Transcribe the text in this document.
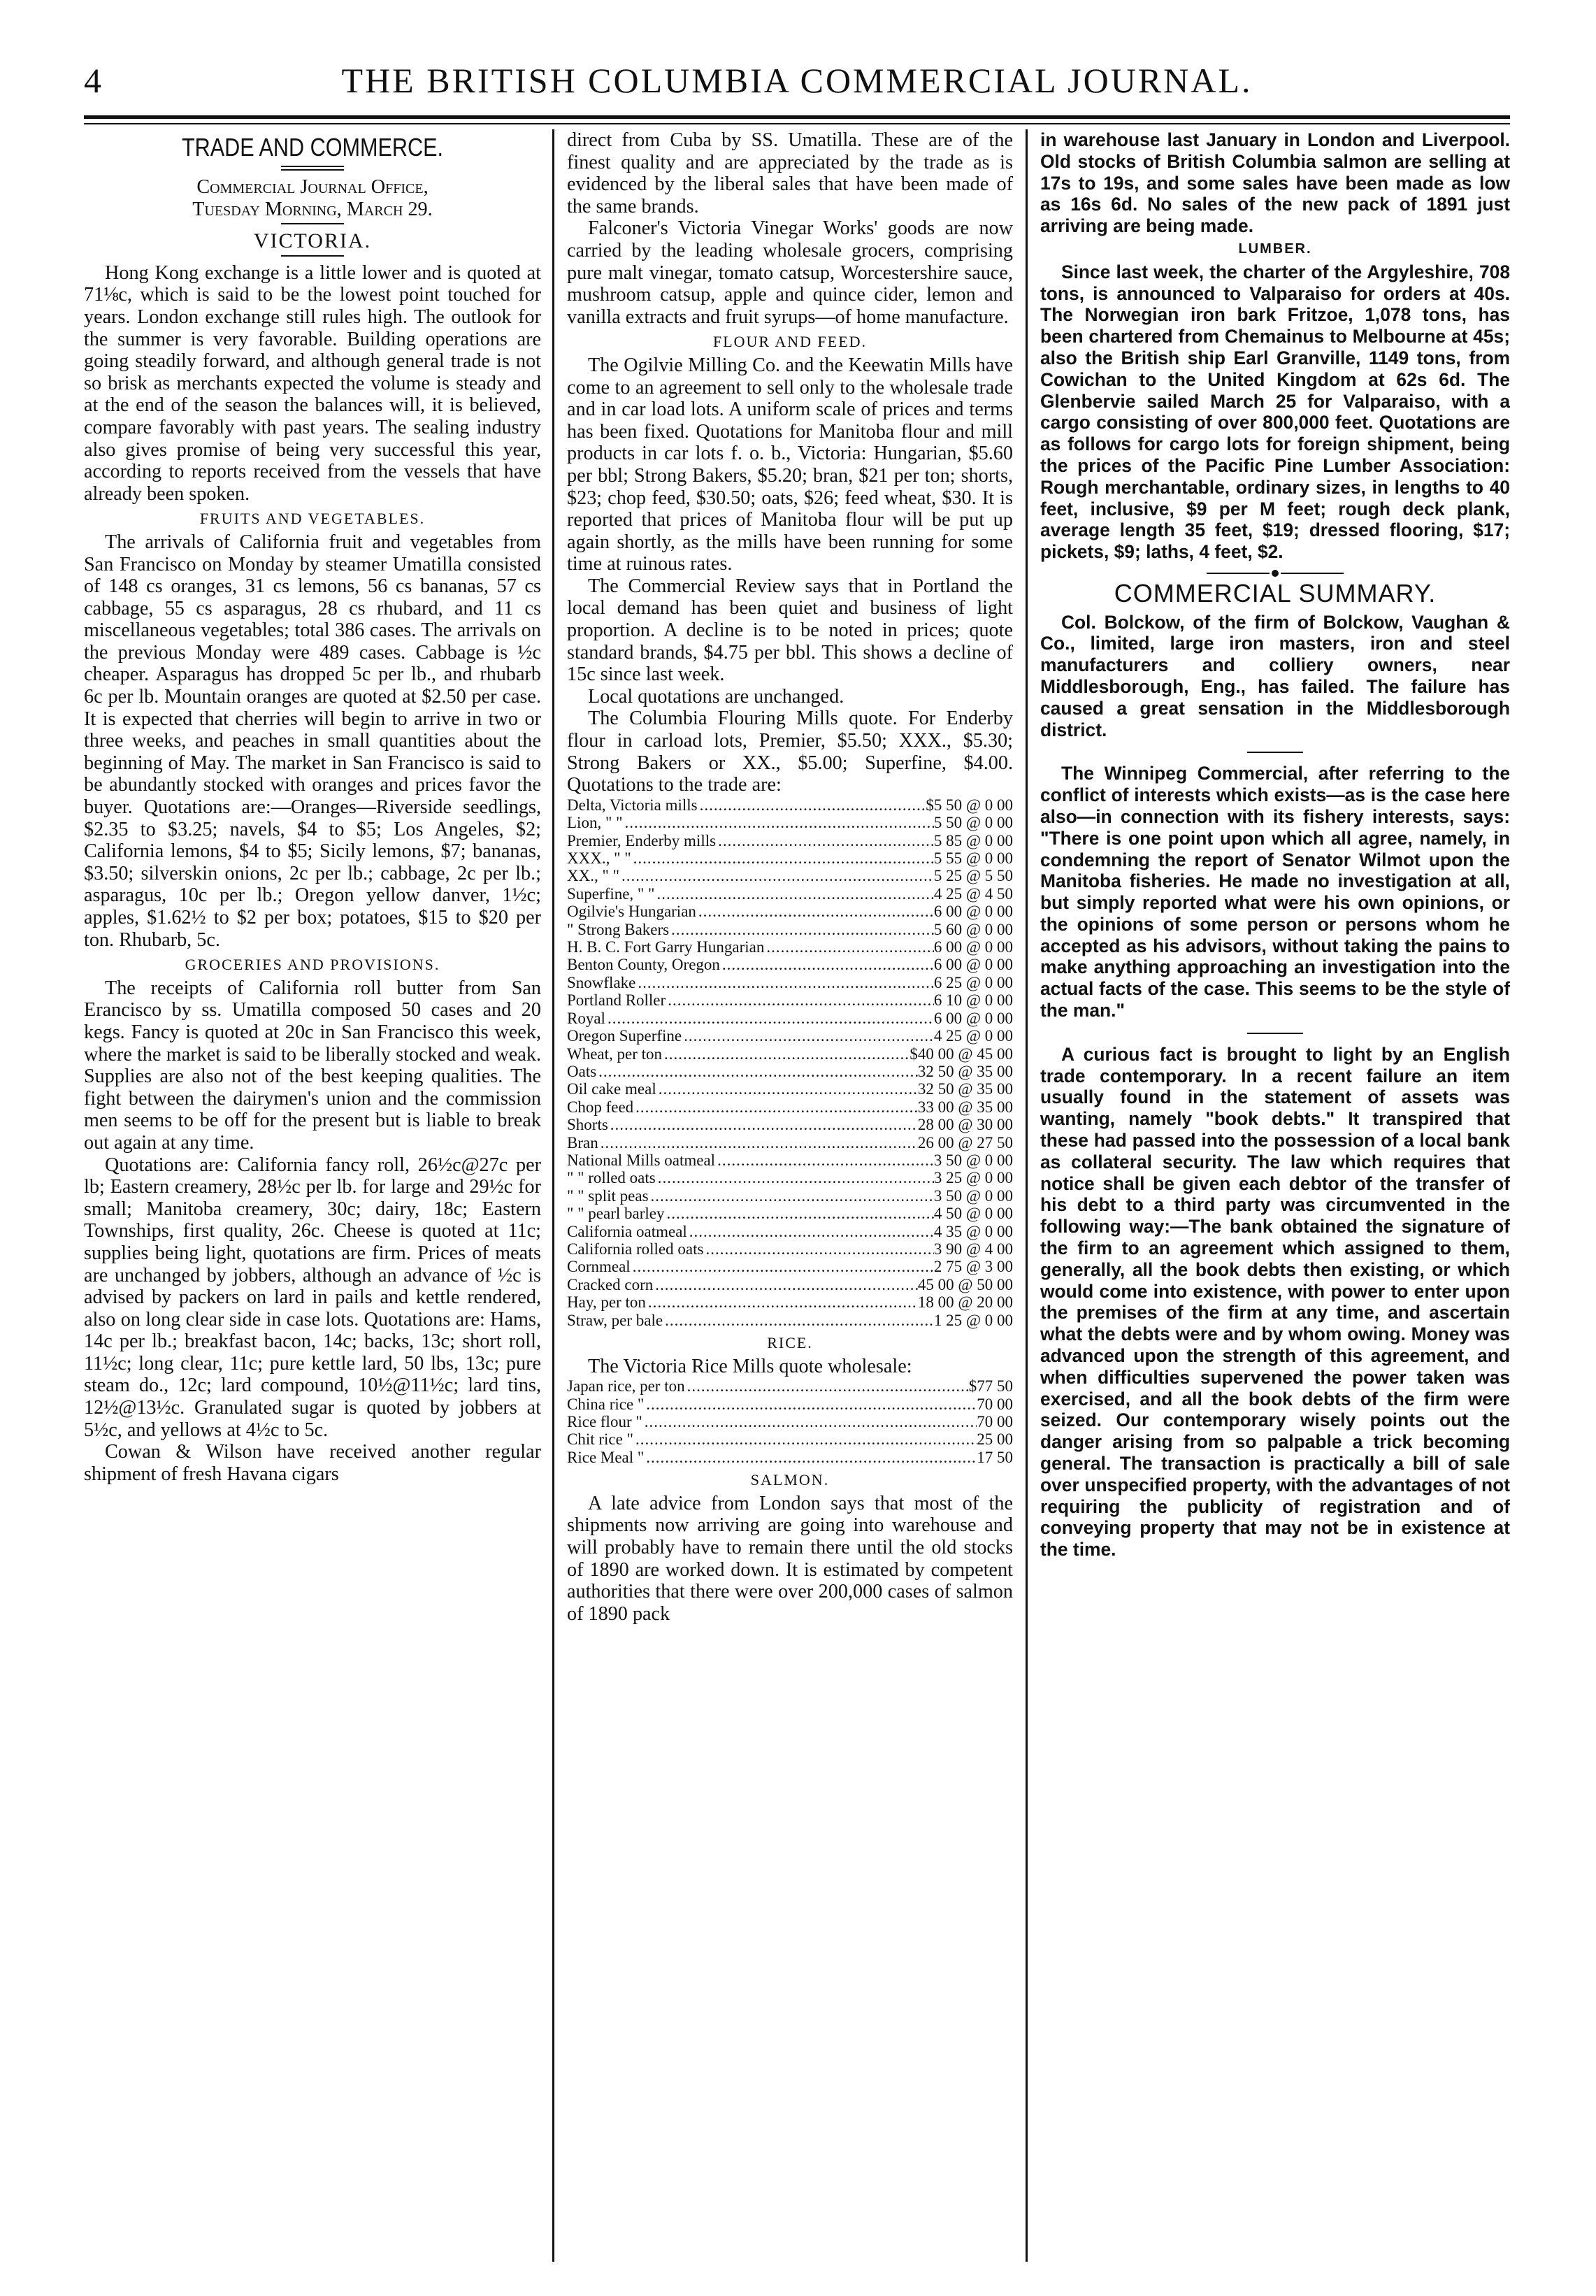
4	THE BRITISH COLUMBIA COMMERCIAL JOURNAL.
TRADE AND COMMERCE.

Commercial Journal Office,

Tuesday Morning, March 29.

VICTORIA.

Hong Kong exchange is a little lower and is quoted at 71⅛c, which is said to be the lowest point touched for years. London exchange still rules high. The outlook for the summer is very favorable. Building operations are going steadily forward, and although general trade is not so brisk as merchants expected the volume is steady and at the end of the season the balances will, it is believed, compare favorably with past years. The sealing industry also gives promise of being very successful this year, according to reports received from the vessels that have already been spoken.

FRUITS AND VEGETABLES.

The arrivals of California fruit and vegetables from San Francisco on Monday by steamer Umatilla consisted of 148 cs oranges, 31 cs lemons, 56 cs bananas, 57 cs cabbage, 55 cs asparagus, 28 cs rhubard, and 11 cs miscellaneous vegetables; total 386 cases. The arrivals on the previous Monday were 489 cases. Cabbage is ½c cheaper. Asparagus has dropped 5c per lb., and rhubarb 6c per lb. Mountain oranges are quoted at $2.50 per case. It is expected that cherries will begin to arrive in two or three weeks, and peaches in small quantities about the beginning of May. The market in San Francisco is said to be abundantly stocked with oranges and prices favor the buyer. Quotations are:—Oranges—Riverside seedlings, $2.35 to $3.25; navels, $4 to $5; Los Angeles, $2; California lemons, $4 to $5; Sicily lemons, $7; bananas, $3.50; silverskin onions, 2c per lb.; cabbage, 2c per lb.; asparagus, 10c per lb.; Oregon yellow danver, 1½c; apples, $1.62½ to $2 per box; potatoes, $15 to $20 per ton. Rhubarb, 5c.

GROCERIES AND PROVISIONS.

The receipts of California roll butter from San Erancisco by ss. Umatilla composed 50 cases and 20 kegs. Fancy is quoted at 20c in San Francisco this week, where the market is said to be liberally stocked and weak. Supplies are also not of the best keeping qualities. The fight between the dairymen's union and the commission men seems to be off for the present but is liable to break out again at any time.

Quotations are: California fancy roll, 26½c@27c per lb; Eastern creamery, 28½c per lb. for large and 29½c for small; Manitoba creamery, 30c; dairy, 18c; Eastern Townships, first quality, 26c. Cheese is quoted at 11c; supplies being light, quotations are firm. Prices of meats are unchanged by jobbers, although an advance of ½c is advised by packers on lard in pails and kettle rendered, also on long clear side in case lots. Quotations are: Hams, 14c per lb.; breakfast bacon, 14c; backs, 13c; short roll, 11½c; long clear, 11c; pure kettle lard, 50 lbs, 13c; pure steam do., 12c; lard compound, 10½@11½c; lard tins, 12½@13½c. Granulated sugar is quoted by jobbers at 5½c, and yellows at 4½c to 5c.

Cowan & Wilson have received another regular shipment of fresh Havana cigars

direct from Cuba by SS. Umatilla. These are of the finest quality and are appreciated by the trade as is evidenced by the liberal sales that have been made of the same brands.

Falconer's Victoria Vinegar Works' goods are now carried by the leading wholesale grocers, comprising pure malt vinegar, tomato catsup, Worcestershire sauce, mushroom catsup, apple and quince cider, lemon and vanilla extracts and fruit syrups—of home manufacture.

FLOUR AND FEED.

The Ogilvie Milling Co. and the Keewatin Mills have come to an agreement to sell only to the wholesale trade and in car load lots. A uniform scale of prices and terms has been fixed. Quotations for Manitoba flour and mill products in car lots f. o. b., Victoria: Hungarian, $5.60 per bbl; Strong Bakers, $5.20; bran, $21 per ton; shorts, $23; chop feed, $30.50; oats, $26; feed wheat, $30. It is reported that prices of Manitoba flour will be put up again shortly, as the mills have been running for some time at ruinous rates.

The Commercial Review says that in Portland the local demand has been quiet and business of light proportion. A decline is to be noted in prices; quote standard brands, $4.75 per bbl. This shows a decline of 15c since last week.

Local quotations are unchanged.

The Columbia Flouring Mills quote. For Enderby flour in carload lots, Premier, $5.50; XXX., $5.30; Strong Bakers or XX., $5.00; Superfine, $4.00. Quotations to the trade are:

Delta, Victoria mills .....	$5 50 @ 0 00
Lion, " " .....	5 50 @ 0 00
Premier, Enderby mills .....	5 85 @ 0 00
XXX., " " .....	5 55 @ 0 00
XX., " " .....	5 25 @ 5 50
Superfine, " " .....	4 25 @ 4 50
Ogilvie's Hungarian .....	6 00 @ 0 00
" Strong Bakers .....	5 60 @ 0 00
H. B. C. Fort Garry Hungarian .....	6 00 @ 0 00
Benton County, Oregon .....	6 00 @ 0 00
Snowflake .....	6 25 @ 0 00
Portland Roller .....	6 10 @ 0 00
Royal .....	6 00 @ 0 00
Oregon Superfine .....	4 25 @ 0 00
Wheat, per ton .....	$40 00 @ 45 00
Oats .....	32 50 @ 35 00
Oil cake meal .....	32 50 @ 35 00
Chop feed .....	33 00 @ 35 00
Shorts .....	28 00 @ 30 00
Bran .....	26 00 @ 27 50
National Mills oatmeal .....	3 50 @ 0 00
" " rolled oats .....	3 25 @ 0 00
" " split peas .....	3 50 @ 0 00
" " pearl barley .....	4 50 @ 0 00
California oatmeal .....	4 35 @ 0 00
California rolled oats .....	3 90 @ 4 00
Cornmeal .....	2 75 @ 3 00
Cracked corn .....	45 00 @ 50 00
Hay, per ton .....	18 00 @ 20 00
Straw, per bale .....	1 25 @ 0 00

RICE.

The Victoria Rice Mills quote wholesale:

Japan rice, per ton .....	$77 50
China rice " .....	70 00
Rice flour " .....	70 00
Chit rice " .....	25 00
Rice Meal " .....	17 50

SALMON.

A late advice from London says that most of the shipments now arriving are going into warehouse and will probably have to remain there until the old stocks of 1890 are worked down. It is estimated by competent authorities that there were over 200,000 cases of salmon of 1890 pack

in warehouse last January in London and Liverpool. Old stocks of British Columbia salmon are selling at 17s to 19s, and some sales have been made as low as 16s 6d. No sales of the new pack of 1891 just arriving are being made.

LUMBER.

Since last week, the charter of the Argyleshire, 708 tons, is announced to Valparaiso for orders at 40s. The Norwegian iron bark Fritzoe, 1,078 tons, has been chartered from Chemainus to Melbourne at 45s; also the British ship Earl Granville, 1149 tons, from Cowichan to the United Kingdom at 62s 6d. The Glenbervie sailed March 25 for Valparaiso, with a cargo consisting of over 800,000 feet. Quotations are as follows for cargo lots for foreign shipment, being the prices of the Pacific Pine Lumber Association: Rough merchantable, ordinary sizes, in lengths to 40 feet, inclusive, $9 per M feet; rough deck plank, average length 35 feet, $19; dressed flooring, $17; pickets, $9; laths, 4 feet, $2.

COMMERCIAL SUMMARY.

Col. Bolckow, of the firm of Bolckow, Vaughan & Co., limited, large iron masters, iron and steel manufacturers and colliery owners, near Middlesborough, Eng., has failed. The failure has caused a great sensation in the Middlesborough district.

The Winnipeg Commercial, after referring to the conflict of interests which exists—as is the case here also—in connection with its fishery interests, says: "There is one point upon which all agree, namely, in condemning the report of Senator Wilmot upon the Manitoba fisheries. He made no investigation at all, but simply reported what were his own opinions, or the opinions of some person or persons whom he accepted as his advisors, without taking the pains to make anything approaching an investigation into the actual facts of the case. This seems to be the style of the man."

A curious fact is brought to light by an English trade contemporary. In a recent failure an item usually found in the statement of assets was wanting, namely "book debts." It transpired that these had passed into the possession of a local bank as collateral security. The law which requires that notice shall be given each debtor of the transfer of his debt to a third party was circumvented in the following way:—The bank obtained the signature of the firm to an agreement which assigned to them, generally, all the book debts then existing, or which would come into existence, with power to enter upon the premises of the firm at any time, and ascertain what the debts were and by whom owing. Money was advanced upon the strength of this agreement, and when difficulties supervened the power taken was exercised, and all the book debts of the firm were seized. Our contemporary wisely points out the danger arising from so palpable a trick becoming general. The transaction is practically a bill of sale over unspecified property, with the advantages of not requiring the publicity of registration and of conveying property that may not be in existence at the time.
